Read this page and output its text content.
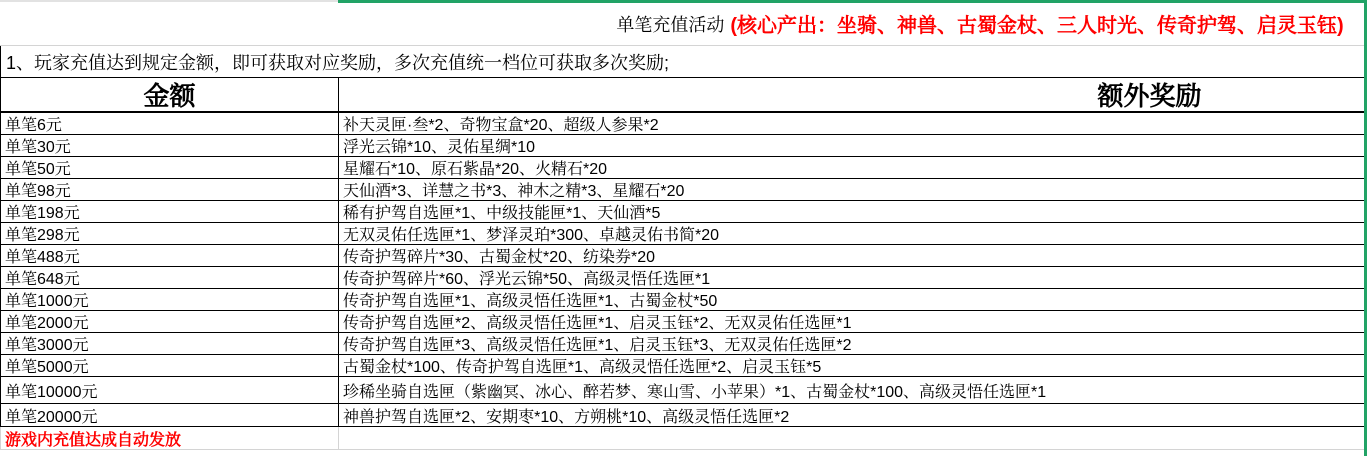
单笔充值活动 (核心产出：坐骑、神兽、古蜀金杖、三人时光、传奇护驾、启灵玉钰)
1、玩家充值达到规定金额，即可获取对应奖励，多次充值统一档位可获取多次奖励;
金额	额外奖励
单笔6元	补天灵匣·叁*2、奇物宝盒*20、超级人参果*2
单笔30元	浮光云锦*10、灵佑星绸*10
单笔50元	星耀石*10、原石紫晶*20、火精石*20
单笔98元	天仙酒*3、详慧之书*3、神木之精*3、星耀石*20
单笔198元	稀有护驾自选匣*1、中级技能匣*1、天仙酒*5
单笔298元	无双灵佑任选匣*1、梦泽灵珀*300、卓越灵佑书简*20
单笔488元	传奇护驾碎片*30、古蜀金杖*20、纺染券*20
单笔648元	传奇护驾碎片*60、浮光云锦*50、高级灵悟任选匣*1
单笔1000元	传奇护驾自选匣*1、高级灵悟任选匣*1、古蜀金杖*50
单笔2000元	传奇护驾自选匣*2、高级灵悟任选匣*1、启灵玉钰*2、无双灵佑任选匣*1
单笔3000元	传奇护驾自选匣*3、高级灵悟任选匣*1、启灵玉钰*3、无双灵佑任选匣*2
单笔5000元	古蜀金杖*100、传奇护驾自选匣*1、高级灵悟任选匣*2、启灵玉钰*5
单笔10000元	珍稀坐骑自选匣（紫幽冥、冰心、醉若梦、寒山雪、小苹果）*1、古蜀金杖*100、高级灵悟任选匣*1
单笔20000元	神兽护驾自选匣*2、安期枣*10、方朔桃*10、高级灵悟任选匣*2
游戏内充值达成自动发放
